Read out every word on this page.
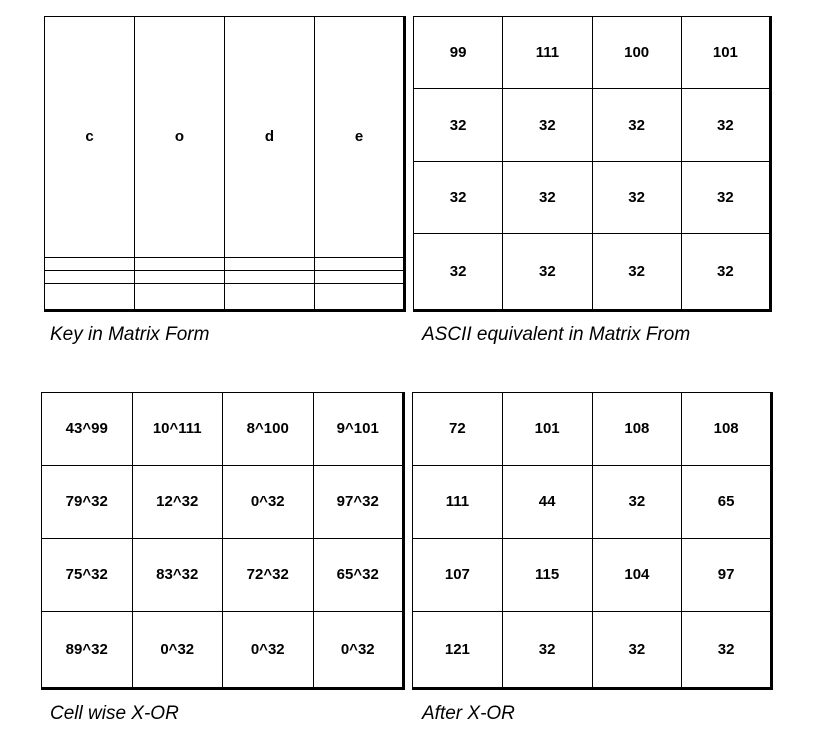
c	o	d	e

Key in Matrix Form
99	111	100	101
32	32	32	32
32	32	32	32
32	32	32	32
ASCII equivalent in Matrix From
43^99	10^111	8^100	9^101
79^32	12^32	0^32	97^32
75^32	83^32	72^32	65^32
89^32	0^32	0^32	0^32
Cell wise X-OR
72	101	108	108
111	44	32	65
107	115	104	97
121	32	32	32
After X-OR
